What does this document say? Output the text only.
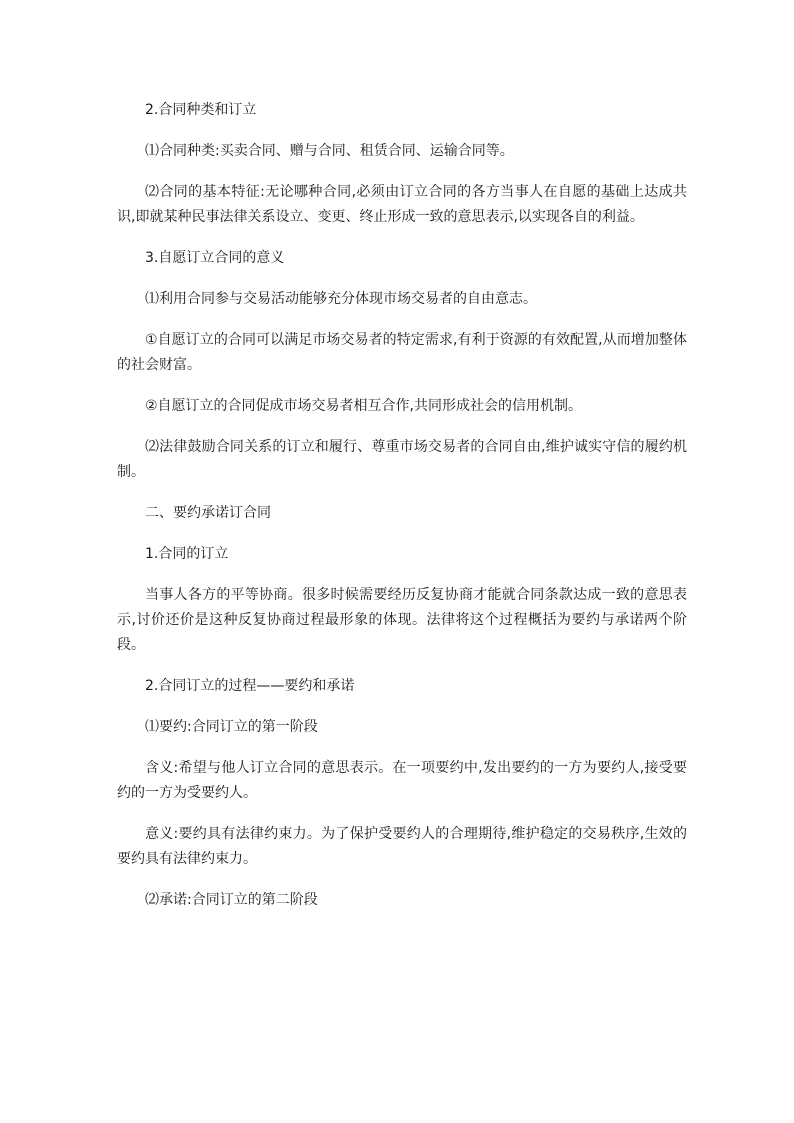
2.合同种类和订立

⑴合同种类:买卖合同、赠与合同、租赁合同、运输合同等。

⑵合同的基本特征:无论哪种合同,必须由订立合同的各方当事人在自愿的基础上达成共识,即就某种民事法律关系设立、变更、终止形成一致的意思表示,以实现各自的利益。

3.自愿订立合同的意义

⑴利用合同参与交易活动能够充分体现市场交易者的自由意志。

①自愿订立的合同可以满足市场交易者的特定需求,有利于资源的有效配置,从而增加整体的社会财富。

②自愿订立的合同促成市场交易者相互合作,共同形成社会的信用机制。

⑵法律鼓励合同关系的订立和履行、尊重市场交易者的合同自由,维护诚实守信的履约机制。

二、要约承诺订合同

1.合同的订立

当事人各方的平等协商。很多时候需要经历反复协商才能就合同条款达成一致的意思表示,讨价还价是这种反复协商过程最形象的体现。法律将这个过程概括为要约与承诺两个阶段。

2.合同订立的过程——要约和承诺

⑴要约:合同订立的第一阶段

含义:希望与他人订立合同的意思表示。在一项要约中,发出要约的一方为要约人,接受要约的一方为受要约人。

意义:要约具有法律约束力。为了保护受要约人的合理期待,维护稳定的交易秩序,生效的要约具有法律约束力。

⑵承诺:合同订立的第二阶段
